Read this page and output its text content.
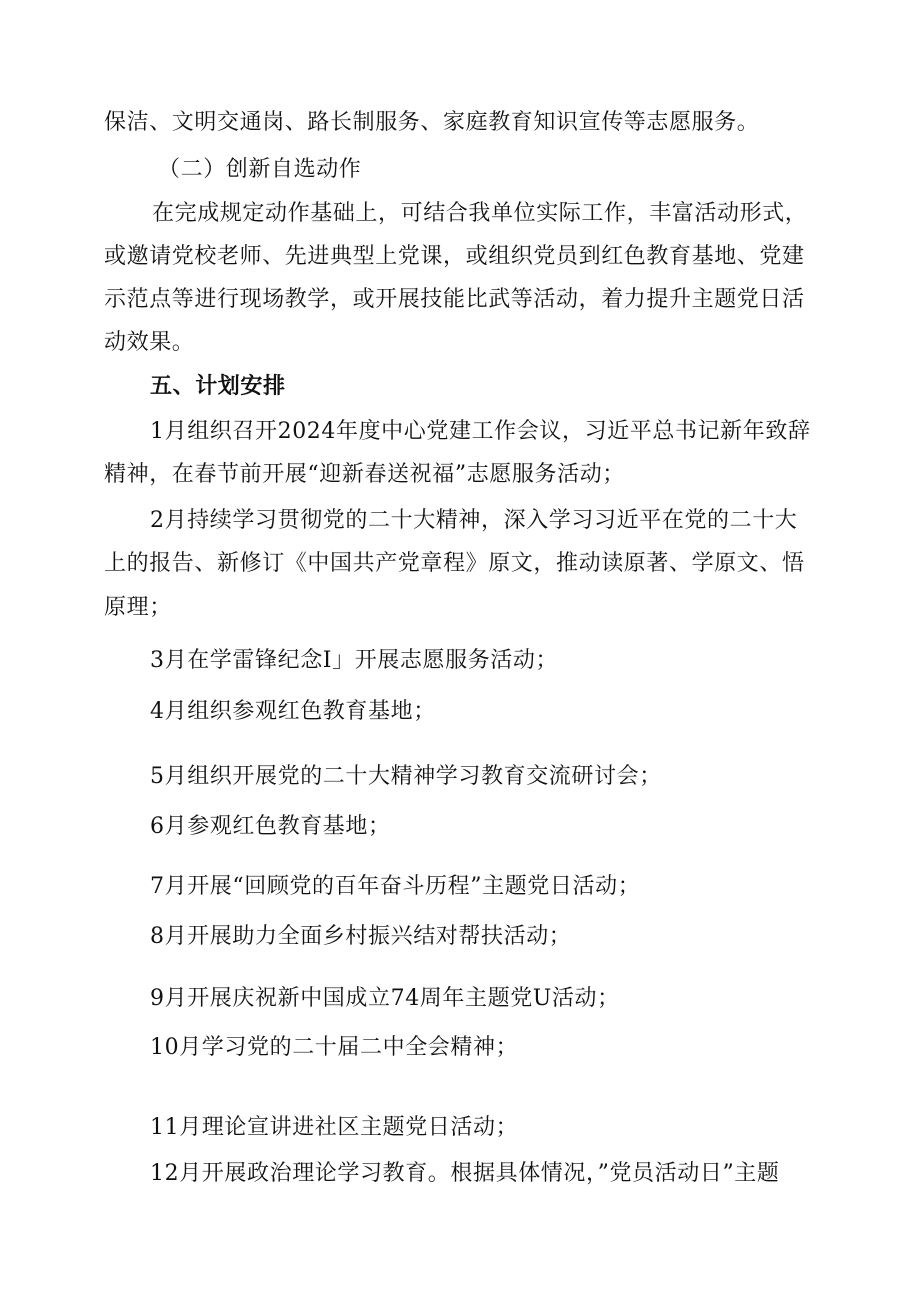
保洁、文明交通岗、路长制服务、家庭教育知识宣传等志愿服务。
（二）创新自选动作
在完成规定动作基础上，可结合我单位实际工作，丰富活动形式，
或邀请党校老师、先进典型上党课，或组织党员到红色教育基地、党建
示范点等进行现场教学，或开展技能比武等活动，着力提升主题党日活
动效果。
五、计划安排
1月组织召开2024年度中心党建工作会议，习近平总书记新年致辞
精神，在春节前开展“迎新春送祝福”志愿服务活动；
2月持续学习贯彻党的二十大精神，深入学习习近平在党的二十大
上的报告、新修订《中国共产党章程》原文，推动读原著、学原文、悟
原理；
3月在学雷锋纪念I」开展志愿服务活动；
4月组织参观红色教育基地；
5月组织开展党的二十大精神学习教育交流研讨会；
6月参观红色教育基地；
7月开展“回顾党的百年奋斗历程”主题党日活动；
8月开展助力全面乡村振兴结对帮扶活动；
9月开展庆祝新中国成立74周年主题党U活动；
10月学习党的二十届二中全会精神；
11月理论宣讲进社区主题党日活动；
12月开展政治理论学习教育。根据具体情况，”党员活动日”主题
